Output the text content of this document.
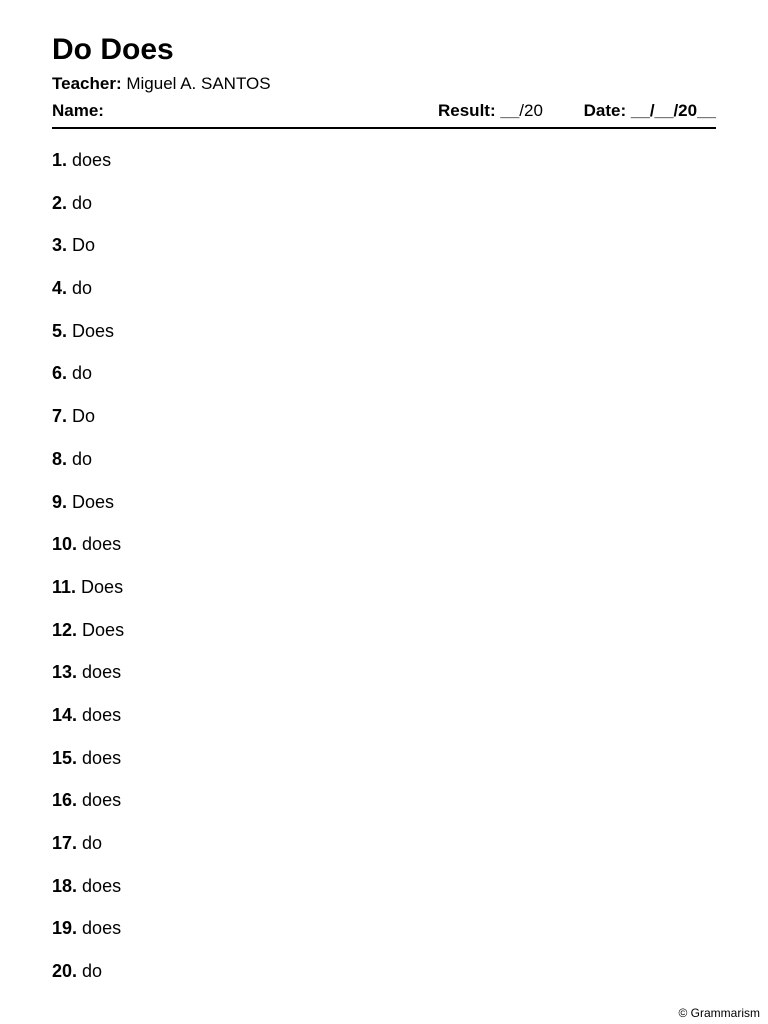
Do Does
Teacher: Miguel A. SANTOS
Name:	Result: __/20 Date: __/__/20__
1. does
2. do
3. Do
4. do
5. Does
6. do
7. Do
8. do
9. Does
10. does
11. Does
12. Does
13. does
14. does
15. does
16. does
17. do
18. does
19. does
20. do
© Grammarism
